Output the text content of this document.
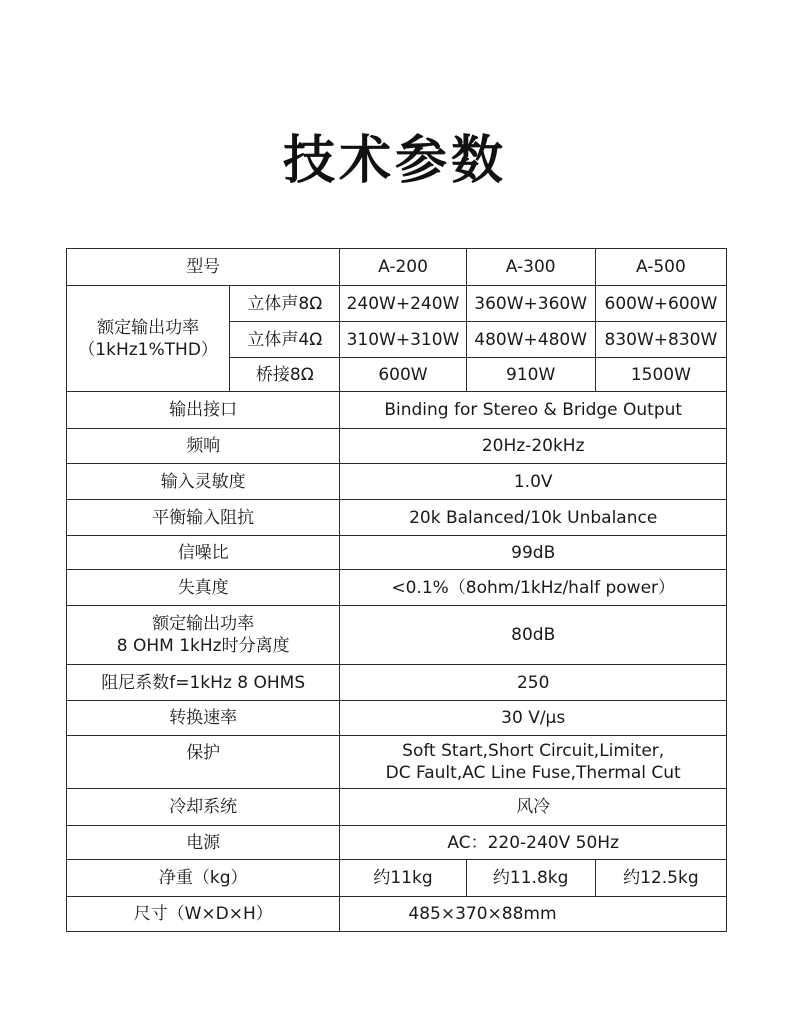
技术参数
型号		A-200	A-300	A-500

额定输出功率
（1kHz1%THD）	立体声8Ω	240W+240W	360W+360W	600W+600W
	立体声4Ω	310W+310W	480W+480W	830W+830W
	桥接8Ω	600W	910W	1500W
输出接口		Binding for Stereo & Bridge Output		
频响		20Hz-20kHz		
输入灵敏度		1.0V		
平衡输入阻抗		20k Balanced/10k Unbalance		
信噪比		99dB		
失真度		<0.1%（8ohm/1kHz/half power）		

额定输出功率
8 OHM 1kHz时分离度		80dB		
阻尼系数f=1kHz 8 OHMS		250		
转换速率		30 V/μs		
保护		Soft Start,Short Circuit,Limiter,
DC Fault,AC Line Fuse,Thermal Cut		

冷却系统		风冷		
电源		AC：220-240V 50Hz		
净重（kg）		约11kg	约11.8kg	约12.5kg
尺寸（W×D×H）		485×370×88mm		
